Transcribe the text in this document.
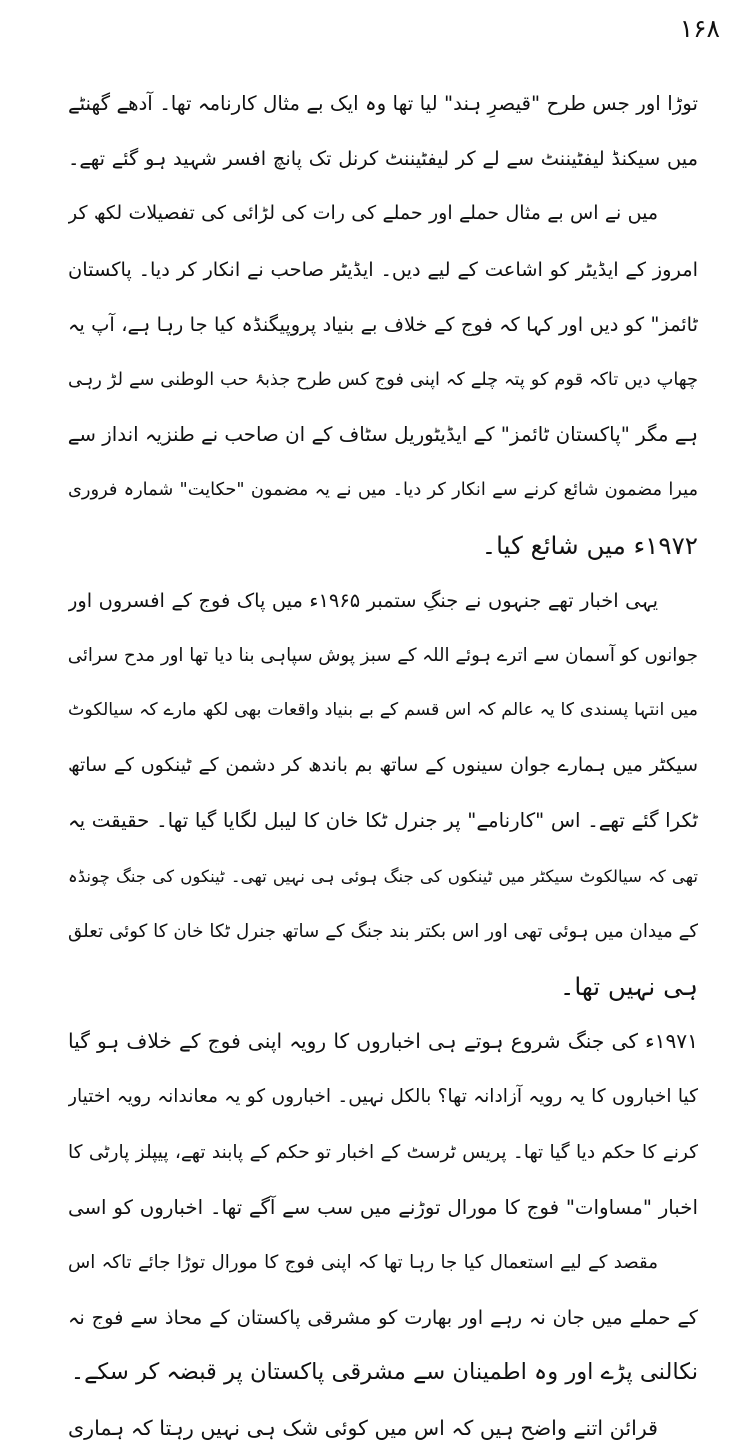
۱۶۸
توڑا اور جس طرح "قیصرِ ہند" لیا تھا وہ ایک بے مثال کارنامہ تھا۔ آدھے گھنٹے
میں سیکنڈ لیفٹیننٹ سے لے کر لیفٹیننٹ کرنل تک پانچ افسر شہید ہو گئے تھے۔
میں نے اس بے مثال حملے اور حملے کی رات کی لڑائی کی تفصیلات لکھ کر
امروز کے ایڈیٹر کو اشاعت کے لیے دیں۔ ایڈیٹر صاحب نے انکار کر دیا۔ پاکستان
ٹائمز" کو دیں اور کہا کہ فوج کے خلاف بے بنیاد پروپیگنڈہ کیا جا رہا ہے، آپ یہ
چھاپ دیں تاکہ قوم کو پتہ چلے کہ اپنی فوج کس طرح جذبۂ حب الوطنی سے لڑ رہی
ہے مگر "پاکستان ٹائمز" کے ایڈیٹوریل سٹاف کے ان صاحب نے طنزیہ انداز سے
میرا مضمون شائع کرنے سے انکار کر دیا۔ میں نے یہ مضمون "حکایت" شمارہ فروری
۱۹۷۲ء میں شائع کیا۔
یہی اخبار تھے جنہوں نے جنگِ ستمبر ۱۹۶۵ء میں پاک فوج کے افسروں اور
جوانوں کو آسمان سے اترے ہوئے اللہ کے سبز پوش سپاہی بنا دیا تھا اور مدح سرائی
میں انتہا پسندی کا یہ عالم کہ اس قسم کے بے بنیاد واقعات بھی لکھ مارے کہ سیالکوٹ
سیکٹر میں ہمارے جوان سینوں کے ساتھ بم باندھ کر دشمن کے ٹینکوں کے ساتھ
ٹکرا گئے تھے۔ اس "کارنامے" پر جنرل ٹکا خان کا لیبل لگایا گیا تھا۔ حقیقت یہ
تھی کہ سیالکوٹ سیکٹر میں ٹینکوں کی جنگ ہوئی ہی نہیں تھی۔ ٹینکوں کی جنگ چونڈہ
کے میدان میں ہوئی تھی اور اس بکتر بند جنگ کے ساتھ جنرل ٹکا خان کا کوئی تعلق
ہی نہیں تھا۔
۱۹۷۱ء کی جنگ شروع ہوتے ہی اخباروں کا رویہ اپنی فوج کے خلاف ہو گیا
کیا اخباروں کا یہ رویہ آزادانہ تھا؟ بالکل نہیں۔ اخباروں کو یہ معاندانہ رویہ اختیار
کرنے کا حکم دیا گیا تھا۔ پریس ٹرسٹ کے اخبار تو حکم کے پابند تھے، پیپلز پارٹی کا
اخبار "مساوات" فوج کا مورال توڑنے میں سب سے آگے تھا۔ اخباروں کو اسی
مقصد کے لیے استعمال کیا جا رہا تھا کہ اپنی فوج کا مورال توڑا جائے تاکہ اس
کے حملے میں جان نہ رہے اور بھارت کو مشرقی پاکستان کے محاذ سے فوج نہ
نکالنی پڑے اور وہ اطمینان سے مشرقی پاکستان پر قبضہ کر سکے۔
قرائن اتنے واضح ہیں کہ اس میں کوئی شک ہی نہیں رہتا کہ ہماری
